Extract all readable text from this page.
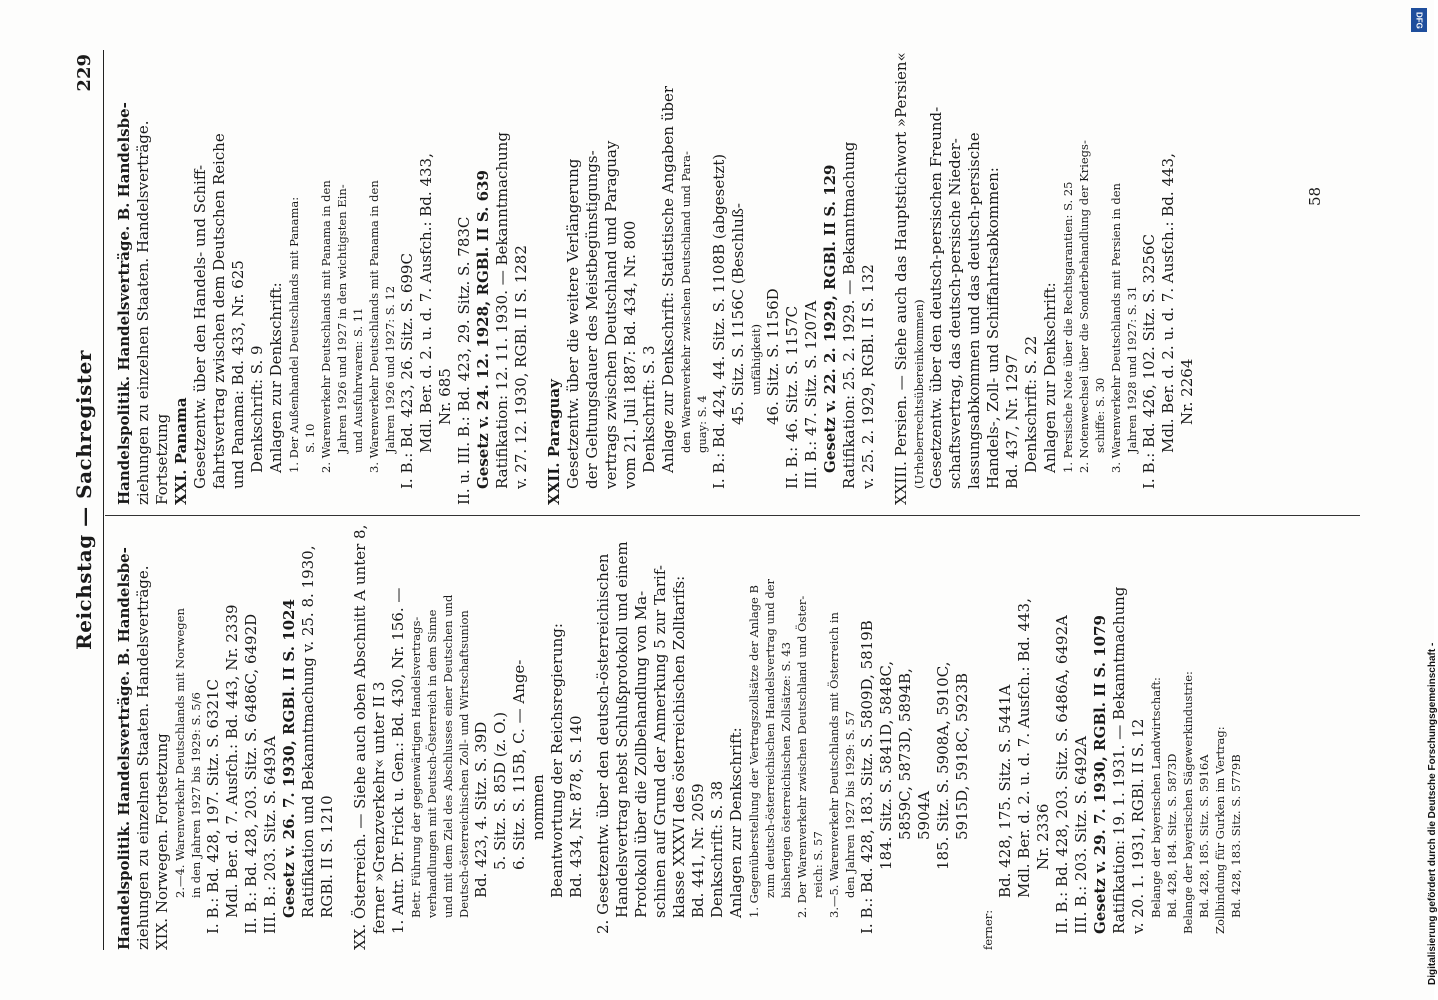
Reichstag — Sachregister
229
Handelspolitik. Handelsverträge. B. Handelsbe- ziehungen zu einzelnen Staaten. Handelsverträge. XIX. Norwegen. Fortsetzung 2.—4. Warenverkehr Deutschlands mit Norwegen in den Jahren 1927 bis 1929: S. 5/6 I. B.: Bd. 428, 197. Sitz. S. 6321C Mdl. Ber. d. 7. Ausfch.: Bd. 443, Nr. 2339 II. B.: Bd. 428, 203. Sitz. S. 6486C, 6492D III. B.: 203. Sitz. S. 6493A Gesetz v. 26. 7. 1930, RGBl. II S. 1024 Ratifikation und Bekanntmachung v. 25. 8. 1930, RGBl. II S. 1210 XX. Österreich. — Siehe auch oben Abschnitt A unter 8, ferner »Grenzverkehr« unter II 3 1. Antr. Dr. Frick u. Gen.: Bd. 430, Nr. 156. — Betr. Führung der gegenwärtigen Handelsvertrags- verhandlungen mit Deutsch-Österreich in dem Sinne und mit dem Ziel des Abschlusses einer Deutschen und Deutsch-österreichischen Zoll- und Wirtschaftsunion Bd. 423, 4. Sitz. S. 39D 5. Sitz. S. 85D (z. O.) 6. Sitz. S. 115B, C. — Ange- nommen Beantwortung der Reichsregierung: Bd. 434, Nr. 878, S. 140 2. Gesetzentw. über den deutsch-österreichischen Handelsvertrag nebst Schlußprotokoll und einem Protokoll über die Zollbehandlung von Ma- schinen auf Grund der Anmerkung 5 zur Tarif- klasse XXXVI des österreichischen Zolltarifs: Bd. 441, Nr. 2059 Denkschrift: S. 38 Anlagen zur Denkschrift: 1. Gegenüberstellung der Vertragszollsätze der Anlage B zum deutsch-österreichischen Handelsvertrag und der bisherigen österreichischen Zollsätze: S. 43 2. Der Warenverkehr zwischen Deutschland und Öster- reich: S. 57 3.—5. Warenverkehr Deutschlands mit Österreich in den Jahren 1927 bis 1929: S. 57 I. B.: Bd. 428, 183. Sitz. S. 5809D, 5819B 184. Sitz. S. 5841D, 5848C, 5859C, 5873D, 5894B, 5904A 185. Sitz. S. 5908A, 5910C, 5915D, 5918C, 5923B
ferner:
Bd. 428, 175. Sitz. S. 5441A Mdl. Ber. d. 2. u. d. 7. Ausfch.: Bd. 443, Nr. 2336 II. B.: Bd. 428, 203. Sitz. S. 6486A, 6492A III. B.: 203. Sitz. S. 6492A Gesetz v. 29. 7. 1930, RGBl. II S. 1079 Ratifikation: 19. 1. 1931. — Bekanntmachung v. 20. 1. 1931, RGBl. II S. 12 Belange der bayerischen Landwirtschaft: Bd. 428, 184. Sitz. S. 5873D Belange der bayerischen Sägewerkindustrie: Bd. 428, 185. Sitz. S. 5916A Zollbindung für Gurken im Vertrag: Bd. 428, 183. Sitz. S. 5779B
Handelspolitik. Handelsverträge. B. Handelsbe- ziehungen zu einzelnen Staaten. Handelsverträge. Fortsetzung XXI. Panama Gesetzentw. über den Handels- und Schiff- fahrtsvertrag zwischen dem Deutschen Reiche und Panama: Bd. 433, Nr. 625 Denkschrift: S. 9 Anlagen zur Denkschrift: 1. Der Außenhandel Deutschlands mit Panama: S. 10 2. Warenverkehr Deutschlands mit Panama in den Jahren 1926 und 1927 in den wichtigsten Ein- und Ausfuhrwaren: S. 11 3. Warenverkehr Deutschlands mit Panama in den Jahren 1926 und 1927: S. 12 I. B.: Bd. 423, 26. Sitz. S. 699C Mdl. Ber. d. 2. u. d. 7. Ausfch.: Bd. 433, Nr. 685 II. u. III. B.: Bd. 423, 29. Sitz. S. 783C Gesetz v. 24. 12. 1928, RGBl. II S. 639 Ratifikation: 12. 11. 1930. — Bekanntmachung v. 27. 12. 1930, RGBl. II S. 1282 XXII. Paraguay Gesetzentw. über die weitere Verlängerung der Geltungsdauer des Meistbegünstigungs- vertrags zwischen Deutschland und Paraguay vom 21. Juli 1887: Bd. 434, Nr. 800 Denkschrift: S. 3 Anlage zur Denkschrift: Statistische Angaben über den Warenverkehr zwischen Deutschland und Para- guay: S. 4 I. B.: Bd. 424, 44. Sitz. S. 1108B (abgesetzt) 45. Sitz. S. 1156C (Beschluß- unfähigkeit) 46. Sitz. S. 1156D II. B.: 46. Sitz. S. 1157C III. B.: 47. Sitz. S. 1207A Gesetz v. 22. 2. 1929, RGBl. II S. 129 Ratifikation: 25. 2. 1929. — Bekanntmachung v. 25. 2. 1929, RGBl. II S. 132 XXIII. Persien. — Siehe auch das Hauptstichwort »Persien« (Urheberrechtsübereinkommen) Gesetzentw. über den deutsch-persischen Freund- schaftsvertrag, das deutsch-persische Nieder- lassungsabkommen und das deutsch-persische Handels-, Zoll- und Schiffahrtsabkommen: Bd. 437, Nr. 1297 Denkschrift: S. 22 Anlagen zur Denkschrift: 1. Persische Note über die Rechtsgarantien: S. 25 2. Notenwechsel über die Sonderbehandlung der Kriegs- schiffe: S. 30 3. Warenverkehr Deutschlands mit Persien in den Jahren 1928 und 1927: S. 31 I. B.: Bd. 426, 102. Sitz. S. 3256C Mdl. Ber. d. 2. u. d. 7. Ausfch.: Bd. 443, Nr. 2264
58
DFG
Digitalisierung gefördert durch die Deutsche Forschungsgemeinschaft -
